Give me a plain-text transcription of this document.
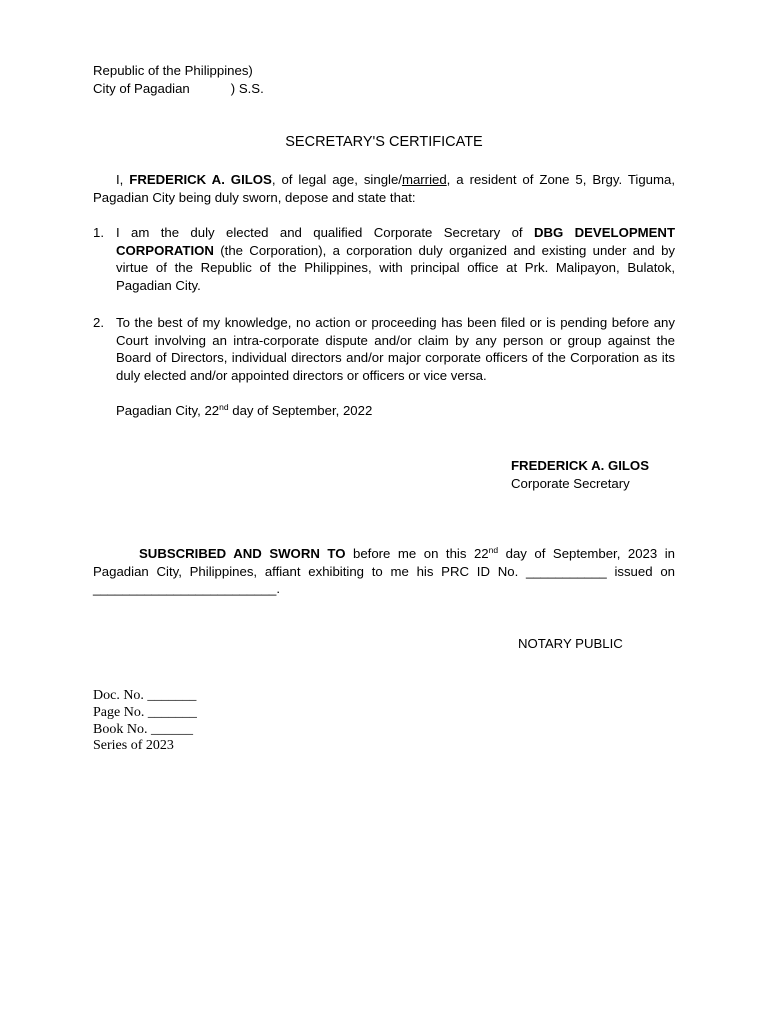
Republic of the Philippines)
City of Pagadian	) S.S.
SECRETARY'S CERTIFICATE
I, FREDERICK A. GILOS, of legal age, single/married, a resident of Zone 5, Brgy. Tiguma, Pagadian City being duly sworn, depose and state that:
1. I am the duly elected and qualified Corporate Secretary of DBG DEVELOPMENT CORPORATION (the Corporation), a corporation duly organized and existing under and by virtue of the Republic of the Philippines, with principal office at Prk. Malipayon, Bulatok, Pagadian City.
2. To the best of my knowledge, no action or proceeding has been filed or is pending before any Court involving an intra-corporate dispute and/or claim by any person or group against the Board of Directors, individual directors and/or major corporate officers of the Corporation as its duly elected and/or appointed directors or officers or vice versa.
Pagadian City, 22nd day of September, 2022
FREDERICK A. GILOS
Corporate Secretary
SUBSCRIBED AND SWORN TO before me on this 22nd day of September, 2023 in Pagadian City, Philippines, affiant exhibiting to me his PRC ID No. ___________ issued on _________________________.
NOTARY PUBLIC
Doc. No. _______
Page No. _______
Book No. ______
Series of 2023
